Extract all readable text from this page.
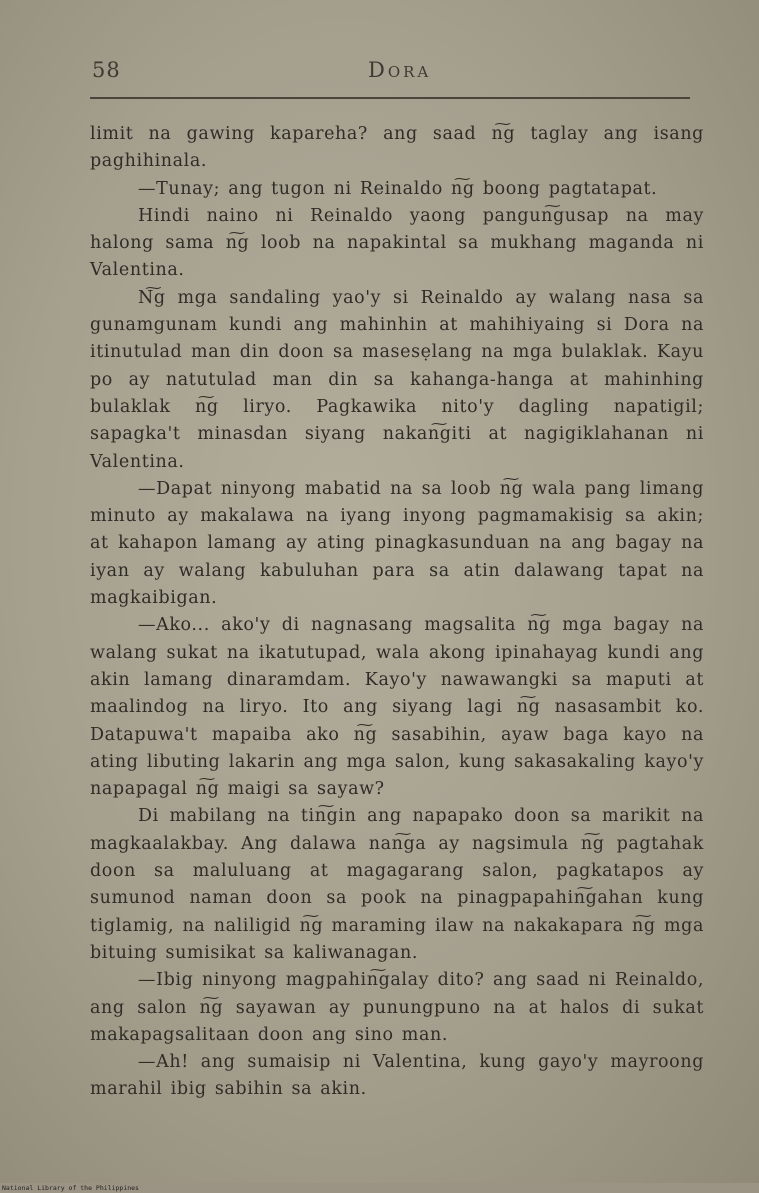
58	Dora

limit na gawing kapareha? ang saad n͠g taglay ang isang paghihinala.

—Tunay; ang tugon ni Reinaldo n͠g boong pagtatapat.

Hindi naino ni Reinaldo yaong pangun͠gusap na may halong sama n͠g loob na napakintal sa mukhang maganda ni Valentina.

N͠g mga sandaling yao'y si Reinaldo ay walang nasa sa gunamgunam kundi ang mahinhin at mahihiyaing si Dora na itinutulad man din doon sa masesẹlang na mga bulaklak. Kayu po ay natutulad man din sa kahanga-hanga at mahinhing bulaklak n͠g liryo. Pagkawika nito'y dagling napatigil; sapagka't minasdan siyang nakan͠giti at nagigiklahanan ni Valentina.

—Dapat ninyong mabatid na sa loob n͠g wala pang limang minuto ay makalawa na iyang inyong pagmamakisig sa akin; at kahapon lamang ay ating pinagkasunduan na ang bagay na iyan ay walang kabuluhan para sa atin dalawang tapat na magkaibigan.

—Ako... ako'y di nagnasang magsalita n͠g mga bagay na walang sukat na ikatutupad, wala akong ipinahayag kundi ang akin lamang dinaramdam. Kayo'y nawawangki sa maputi at maalindog na liryo. Ito ang siyang lagi n͠g nasasambit ko. Datapuwa't mapaiba ako n͠g sasabihin, ayaw baga kayo na ating libuting lakarin ang mga salon, kung sakasakaling kayo'y napapagal n͠g maigi sa sayaw?

Di mabilang na tin͠gin ang napapako doon sa marikit na magkaalakbay. Ang dalawa nan͠ga ay nagsimula n͠g pagtahak doon sa maluluang at magagarang salon, pagkatapos ay sumunod naman doon sa pook na pinagpapahin͠gahan kung tiglamig, na naliligid n͠g maraming ilaw na nakakapara n͠g mga bituing sumisikat sa kaliwanagan.

—Ibig ninyong magpahin͠galay dito? ang saad ni Reinaldo, ang salon n͠g sayawan ay punungpuno na at halos di sukat makapagsalitaan doon ang sino man.

—Ah! ang sumaisip ni Valentina, kung gayo'y mayroong marahil ibig sabihin sa akin.

National Library of the Philippines
